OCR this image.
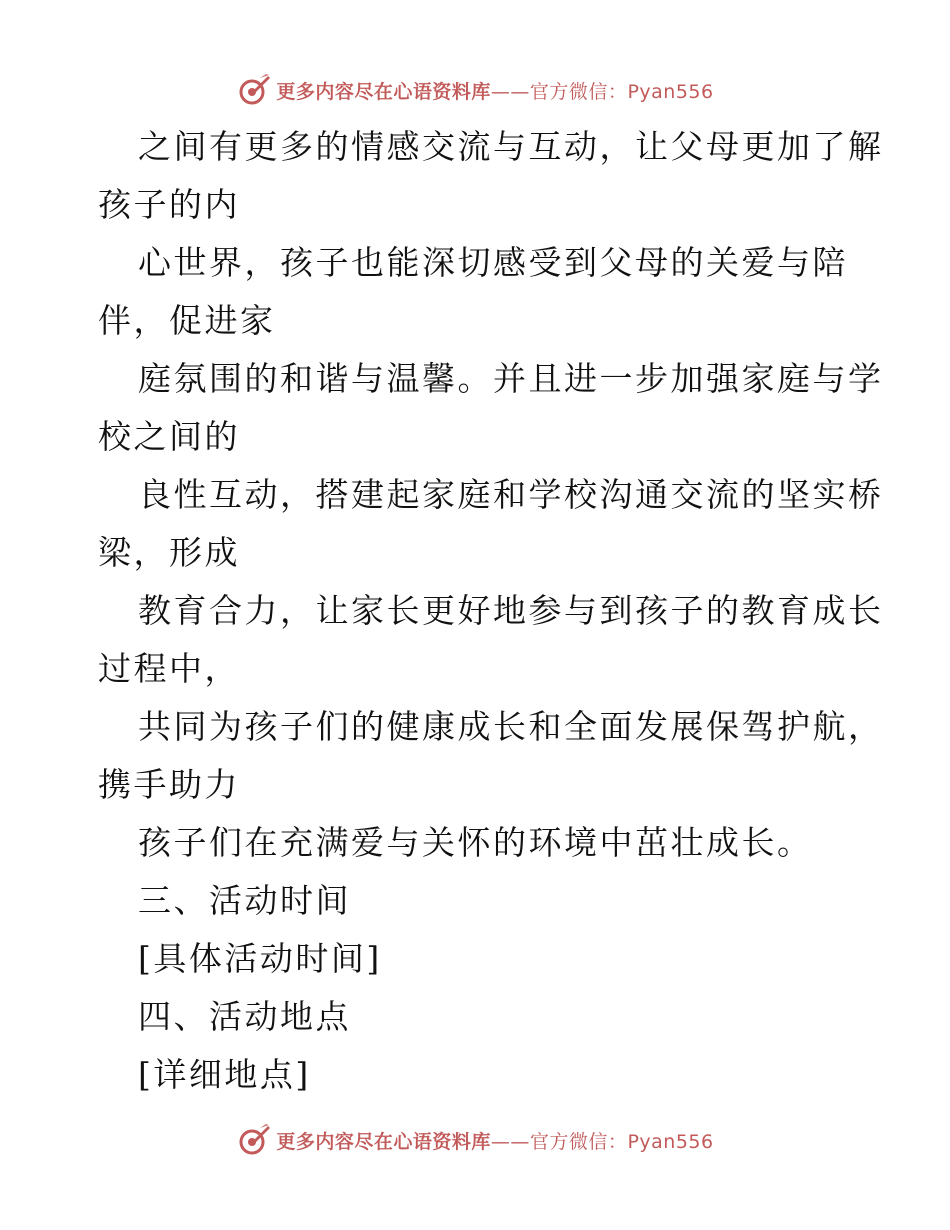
更多内容尽在心语资料库——官方微信：Pyan556
之间有更多的情感交流与互动，让父母更加了解
孩子的内
心世界，孩子也能深切感受到父母的关爱与陪
伴，促进家
庭氛围的和谐与温馨。并且进一步加强家庭与学
校之间的
良性互动，搭建起家庭和学校沟通交流的坚实桥
梁，形成
教育合力，让家长更好地参与到孩子的教育成长
过程中，
共同为孩子们的健康成长和全面发展保驾护航，
携手助力
孩子们在充满爱与关怀的环境中茁壮成长。
三、活动时间
[具体活动时间]
四、活动地点
[详细地点]
更多内容尽在心语资料库——官方微信：Pyan556
